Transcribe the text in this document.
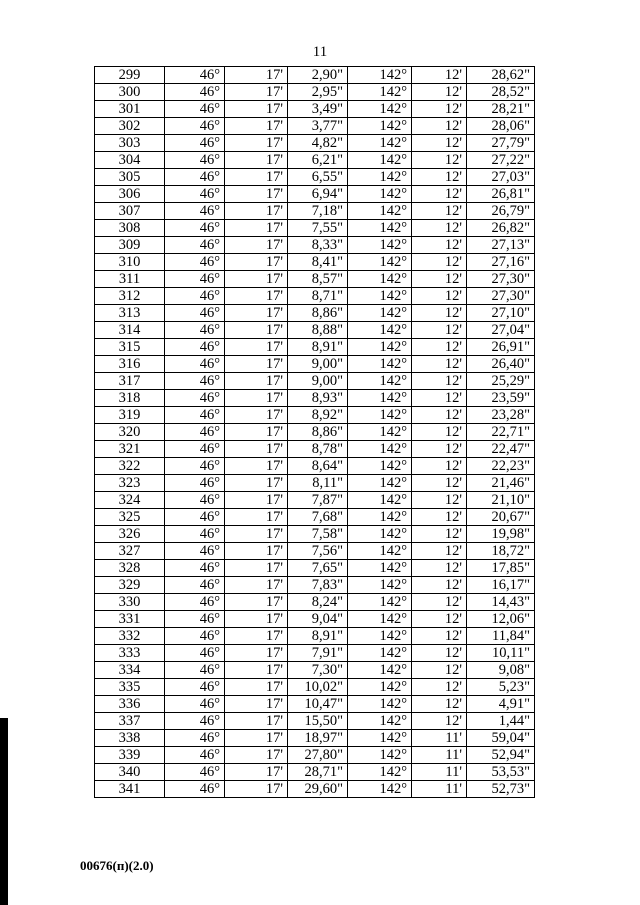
11
299	46°	17'	2,90"	142°	12'	28,62"
300	46°	17'	2,95"	142°	12'	28,52"
301	46°	17'	3,49"	142°	12'	28,21"
302	46°	17'	3,77"	142°	12'	28,06"
303	46°	17'	4,82"	142°	12'	27,79"
304	46°	17'	6,21"	142°	12'	27,22"
305	46°	17'	6,55"	142°	12'	27,03"
306	46°	17'	6,94"	142°	12'	26,81"
307	46°	17'	7,18"	142°	12'	26,79"
308	46°	17'	7,55"	142°	12'	26,82"
309	46°	17'	8,33"	142°	12'	27,13"
310	46°	17'	8,41"	142°	12'	27,16"
311	46°	17'	8,57"	142°	12'	27,30"
312	46°	17'	8,71"	142°	12'	27,30"
313	46°	17'	8,86"	142°	12'	27,10"
314	46°	17'	8,88"	142°	12'	27,04"
315	46°	17'	8,91"	142°	12'	26,91"
316	46°	17'	9,00"	142°	12'	26,40"
317	46°	17'	9,00"	142°	12'	25,29"
318	46°	17'	8,93"	142°	12'	23,59"
319	46°	17'	8,92"	142°	12'	23,28"
320	46°	17'	8,86"	142°	12'	22,71"
321	46°	17'	8,78"	142°	12'	22,47"
322	46°	17'	8,64"	142°	12'	22,23"
323	46°	17'	8,11"	142°	12'	21,46"
324	46°	17'	7,87"	142°	12'	21,10"
325	46°	17'	7,68"	142°	12'	20,67"
326	46°	17'	7,58"	142°	12'	19,98"
327	46°	17'	7,56"	142°	12'	18,72"
328	46°	17'	7,65"	142°	12'	17,85"
329	46°	17'	7,83"	142°	12'	16,17"
330	46°	17'	8,24"	142°	12'	14,43"
331	46°	17'	9,04"	142°	12'	12,06"
332	46°	17'	8,91"	142°	12'	11,84"
333	46°	17'	7,91"	142°	12'	10,11"
334	46°	17'	7,30"	142°	12'	9,08"
335	46°	17'	10,02"	142°	12'	5,23"
336	46°	17'	10,47"	142°	12'	4,91"
337	46°	17'	15,50"	142°	12'	1,44"
338	46°	17'	18,97"	142°	11'	59,04"
339	46°	17'	27,80"	142°	11'	52,94"
340	46°	17'	28,71"	142°	11'	53,53"
341	46°	17'	29,60"	142°	11'	52,73"
00676(п)(2.0)
